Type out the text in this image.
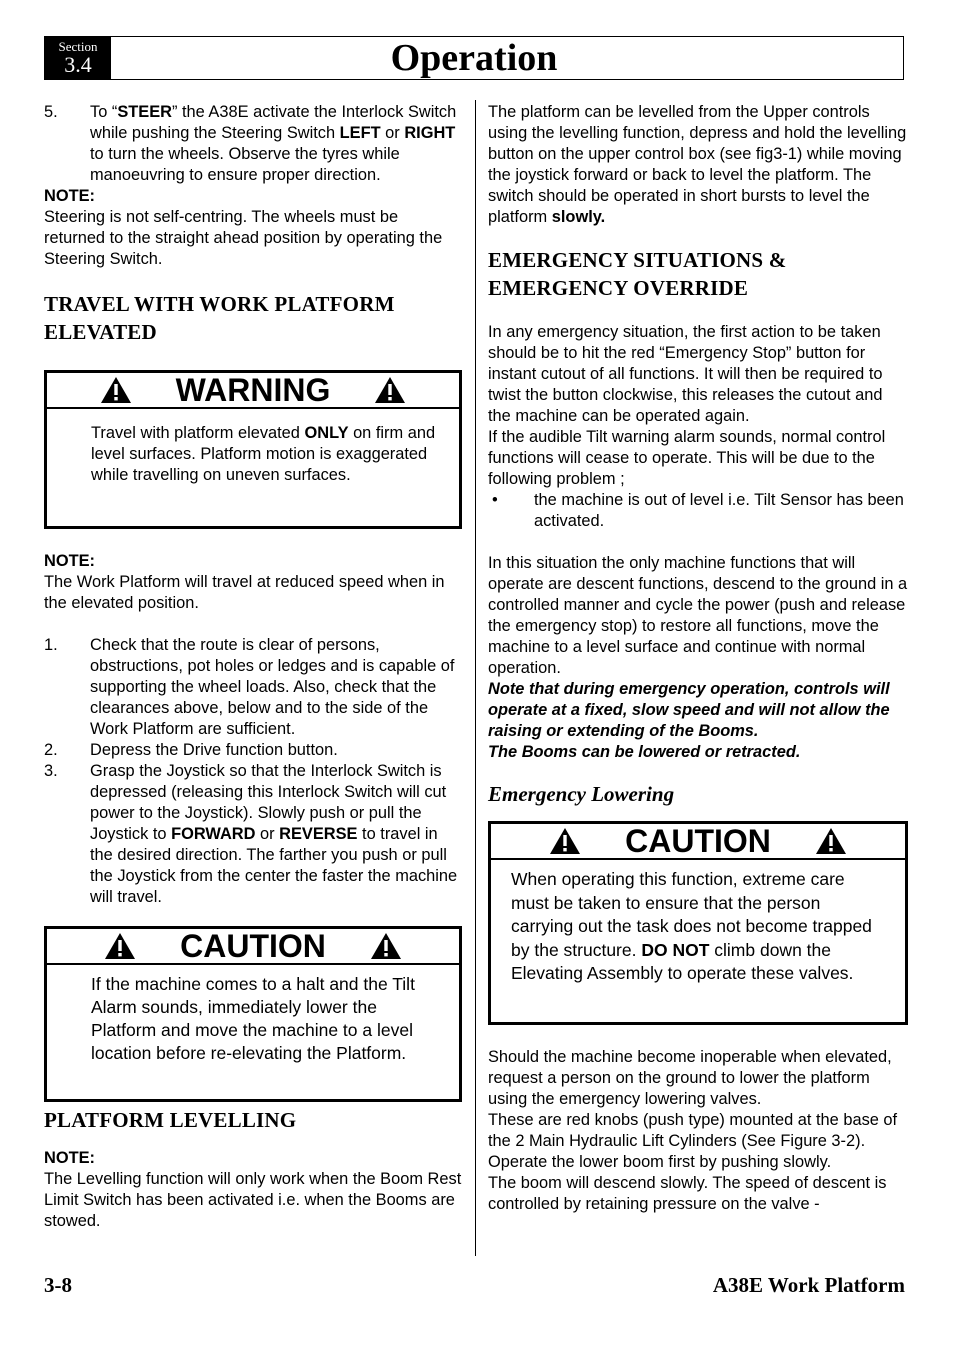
Section
3.4	Operation
5.	To “STEER” the A38E activate the Interlock Switch while pushing the Steering Switch LEFT or RIGHT to turn the wheels. Observe the tyres while manoeuvring to ensure proper direction.

NOTE:

Steering is not self-centring. The wheels must be returned to the straight ahead position by operating the Steering Switch.

TRAVEL WITH WORK PLATFORM ELEVATED
WARNING
Travel with platform elevated ONLY on firm and level surfaces. Platform motion is exaggerated while travelling on uneven surfaces.

NOTE:

The Work Platform will travel at reduced speed when in the elevated position.

1.	Check that the route is clear of persons, obstructions, pot holes or ledges and is capable of supporting the wheel loads. Also, check that the clearances above, below and to the side of the Work Platform are sufficient.
2.	Depress the Drive function button.
3.	Grasp the Joystick so that the Interlock Switch is depressed (releasing this Interlock Switch will cut power to the Joystick). Slowly push or pull the Joystick to FORWARD or REVERSE to travel in the desired direction. The farther you push or pull the Joystick from the center the faster the machine will travel.
CAUTION
If the machine comes to a halt and the Tilt Alarm sounds, immediately lower the Platform and move the machine to a level location before re-elevating the Platform.
PLATFORM LEVELLING

NOTE:

The Levelling function will only work when the Boom Rest Limit Switch has been activated i.e. when the Booms are stowed.

The platform can be levelled from the Upper controls using the levelling function, depress and hold the levelling button on the upper control box (see fig3-1) while moving the joystick forward or back to level the platform. The switch should be operated in short bursts to level the platform slowly.

EMERGENCY SITUATIONS & EMERGENCY OVERRIDE

In any emergency situation, the first action to be taken should be to hit the red “Emergency Stop” button for instant cutout of all functions. It will then be required to twist the button clockwise, this releases the cutout and the machine can be operated again.

If the audible Tilt warning alarm sounds, normal control functions will cease to operate. This will be due to the following problem ;

•	the machine is out of level i.e. Tilt Sensor has been activated.

In this situation the only machine functions that will operate are descent functions, descend to the ground in a controlled manner and cycle the power (push and release the emergency stop) to restore all functions, move the machine to a level surface and continue with normal operation.

Note that during emergency operation, controls will operate at a fixed, slow speed and will not allow the raising or extending of the Booms.

The Booms can be lowered or retracted.

Emergency Lowering
CAUTION
When operating this function, extreme care must be taken to ensure that the person carrying out the task does not become trapped by the structure. DO NOT climb down the Elevating Assembly to operate these valves.

Should the machine become inoperable when elevated, request a person on the ground to lower the platform using the emergency lowering valves.

These are red knobs (push type) mounted at the base of the 2 Main Hydraulic Lift Cylinders (See Figure 3-2).

Operate the lower boom first by pushing slowly.

The boom will descend slowly. The speed of descent is controlled by retaining pressure on the valve -

3-8	A38E Work Platform
